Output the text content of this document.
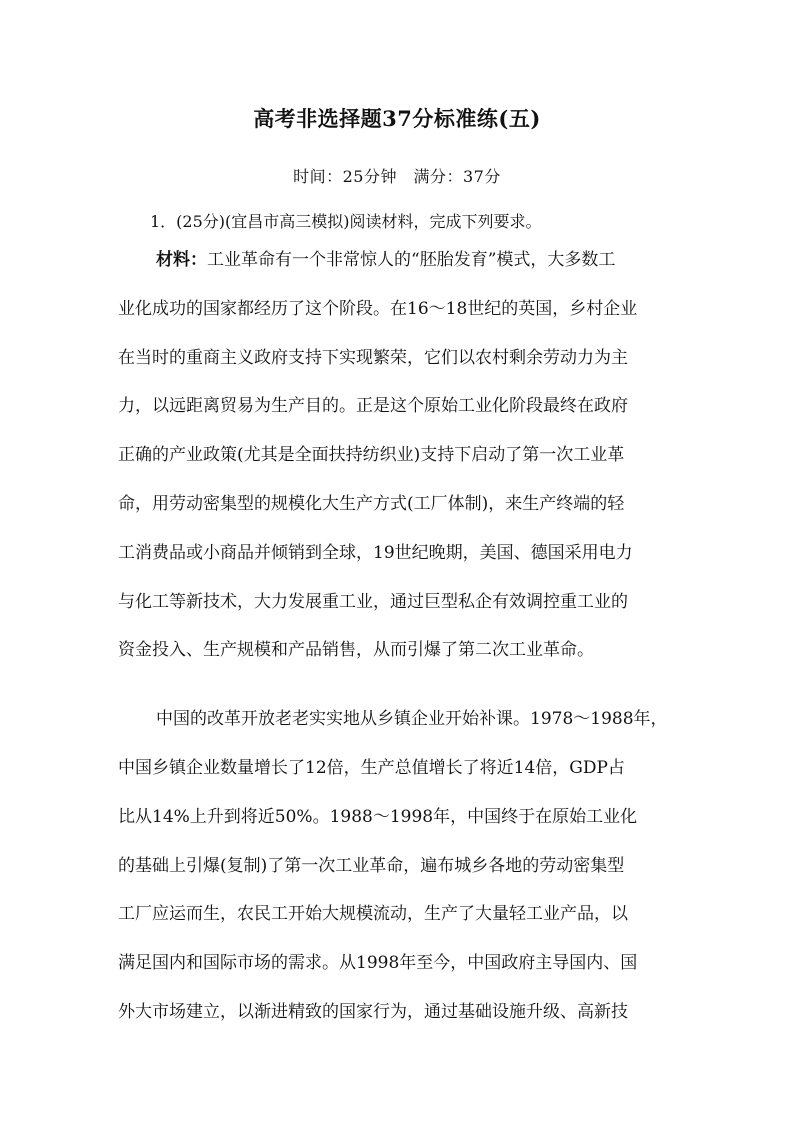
高考非选择题37分标准练(五)
时间：25分钟　满分：37分
1．(25分)(宜昌市高三模拟)阅读材料，完成下列要求。
材料：工业革命有一个非常惊人的“胚胎发育”模式，大多数工
业化成功的国家都经历了这个阶段。在16～18世纪的英国，乡村企业
在当时的重商主义政府支持下实现繁荣，它们以农村剩余劳动力为主
力，以远距离贸易为生产目的。正是这个原始工业化阶段最终在政府
正确的产业政策(尤其是全面扶持纺织业)支持下启动了第一次工业革
命，用劳动密集型的规模化大生产方式(工厂体制)，来生产终端的轻
工消费品或小商品并倾销到全球，19世纪晚期，美国、德国采用电力
与化工等新技术，大力发展重工业，通过巨型私企有效调控重工业的
资金投入、生产规模和产品销售，从而引爆了第二次工业革命。
中国的改革开放老老实实地从乡镇企业开始补课。1978～1988年，
中国乡镇企业数量增长了12倍，生产总值增长了将近14倍，GDP占
比从14%上升到将近50%。1988～1998年，中国终于在原始工业化
的基础上引爆(复制)了第一次工业革命，遍布城乡各地的劳动密集型
工厂应运而生，农民工开始大规模流动，生产了大量轻工业产品，以
满足国内和国际市场的需求。从1998年至今，中国政府主导国内、国
外大市场建立，以渐进精致的国家行为，通过基础设施升级、高新技
